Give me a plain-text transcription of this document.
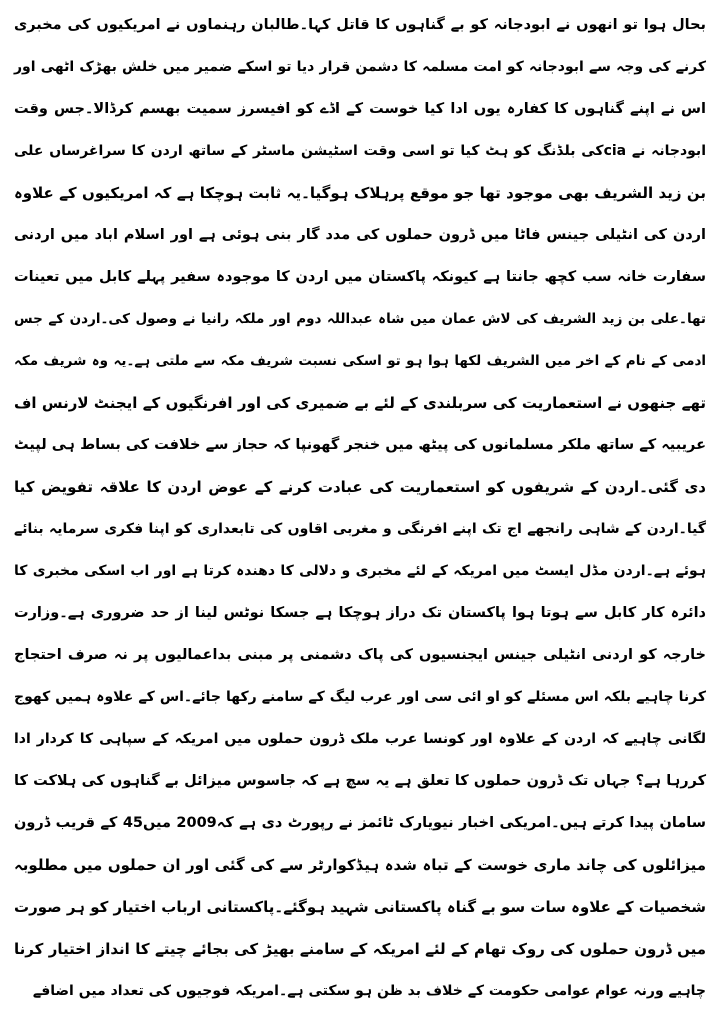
بحال ہوا تو انھوں نے ابودجانہ کو بے گناہوں کا قاتل کہا۔طالبان رہنماوں نے امریکیوں کی مخبری
کرنے کی وجہ سے ابودجانہ کو امت مسلمہ کا دشمن قرار دیا تو اسکے ضمیر میں خلش بھڑک اٹھی اور
اس نے اپنے گناہوں کا کفارہ یوں ادا کیا خوست کے اڈے کو افیسرز سمیت بھسم کرڈالا۔جس وقت
ابودجانہ نے ciaکی بلڈنگ کو ہٹ کیا تو اسی وقت اسٹیشن ماسٹر کے ساتھ اردن کا سراغرساں علی
بن زید الشریف بھی موجود تھا جو موقع پرہلاک ہوگیا۔یہ ثابت ہوچکا ہے کہ امریکیوں کے علاوہ
اردن کی انٹیلی جینس فاٹا میں ڈرون حملوں کی مدد گار بنی ہوئی ہے اور اسلام اباد میں اردنی
سفارت خانہ سب کچھ جانتا ہے کیونکہ پاکستان میں اردن کا موجودہ سفیر پہلے کابل میں تعینات
تھا۔علی بن زید الشریف کی لاش عمان میں شاہ عبداللہ دوم اور ملکہ رانیا نے وصول کی۔اردن کے جس
ادمی کے نام کے اخر میں الشریف لکھا ہوا ہو تو اسکی نسبت شریف مکہ سے ملتی ہے۔یہ وہ شریف مکہ
تھے جنھوں نے استعماریت کی سربلندی کے لئے بے ضمیری کی اور افرنگیوں کے ایجنٹ لارنس اف
عریبیہ کے ساتھ ملکر مسلمانوں کی پیٹھ میں خنجر گھونپا کہ حجاز سے خلافت کی بساط ہی لپیٹ
دی گئی۔اردن کے شریفوں کو استعماریت کی عبادت کرنے کے عوض اردن کا علاقہ تفویض کیا
گیا۔اردن کے شاہی رانجھے اج تک اپنے افرنگی و مغربی اقاوں کی تابعداری کو اپنا فکری سرمایہ بنائے
ہوئے ہے۔اردن مڈل ایسٹ میں امریکہ کے لئے مخبری و دلالی کا دھندہ کرتا ہے اور اب اسکی مخبری کا
دائرہ کار کابل سے ہوتا ہوا پاکستان تک دراز ہوچکا ہے جسکا نوٹس لینا از حد ضروری ہے۔وزارت
خارجہ کو اردنی انٹیلی جینس ایجنسیوں کی پاک دشمنی پر مبنی بداعمالیوں پر نہ صرف احتجاج
کرنا چاہیے بلکہ اس مسئلے کو او ائی سی اور عرب لیگ کے سامنے رکھا جائے۔اس کے علاوہ ہمیں کھوج
لگانی چاہیے کہ اردن کے علاوہ اور کونسا عرب ملک ڈرون حملوں میں امریکہ کے سپاہی کا کردار ادا
کررہا ہے؟ جہاں تک ڈرون حملوں کا تعلق ہے یہ سچ ہے کہ جاسوس میزائل بے گناہوں کی ہلاکت کا
سامان پیدا کرتے ہیں۔امریکی اخبار نیویارک ٹائمز نے رپورٹ دی ہے کہ2009 میں45 کے قریب ڈرون
میزائلوں کی چاند ماری خوست کے تباہ شدہ ہیڈکوارٹر سے کی گئی اور ان حملوں میں مطلوبہ
شخصیات کے علاوہ سات سو بے گناہ پاکستانی شہید ہوگئے۔پاکستانی ارباب اختیار کو ہر صورت
میں ڈرون حملوں کی روک تھام کے لئے امریکہ کے سامنے بھیڑ کی بجائے چیتے کا انداز اختیار کرنا
چاہیے ورنہ عوام عوامی حکومت کے خلاف بد ظن ہو سکتی ہے۔امریکہ فوجیوں کی تعداد میں اضافے
